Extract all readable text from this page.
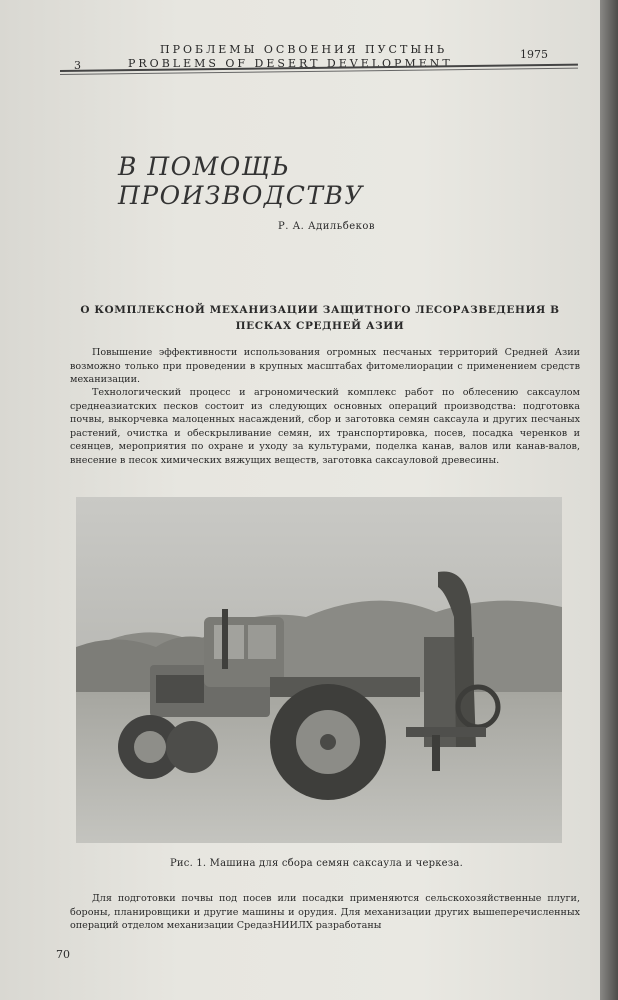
3
ПРОБЛЕМЫ ОСВОЕНИЯ ПУСТЫНЬ
PROBLEMS OF DESERT DEVELOPMENT
1975
В ПОМОЩЬ ПРОИЗВОДСТВУ
Р. А. Адильбеков
О КОМПЛЕКСНОЙ МЕХАНИЗАЦИИ ЗАЩИТНОГО ЛЕСОРАЗВЕДЕНИЯ В ПЕСКАХ СРЕДНЕЙ АЗИИ
Повышение эффективности использования огромных песчаных территорий Средней Азии возможно только при проведении в крупных масштабах фитомелиорации с применением средств механизации.
Технологический процесс и агрономический комплекс работ по облесению саксаулом среднеазиатских песков состоит из следующих основных операций производства: подготовка почвы, выкорчевка малоценных насаждений, сбор и заготовка семян саксаула и других песчаных растений, очистка и обескрыливание семян, их транспортировка, посев, посадка черенков и сеянцев, мероприятия по охране и уходу за культурами, поделка канав, валов или канав-валов, внесение в песок химических вяжущих веществ, заготовка саксауловой древесины.
Рис. 1. Машина для сбора семян саксаула и черкеза.
Для подготовки почвы под посев или посадки применяются сельскохозяйственные плуги, бороны, планировщики и другие машины и орудия. Для механизации других вышеперечисленных операций отделом механизации СредазНИИЛХ разработаны
70
